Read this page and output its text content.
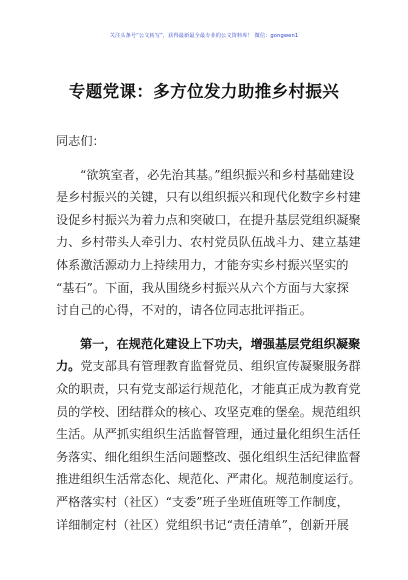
关注头条号“公文转写”，获得最新最全最专业的公文资料库！ 微信：gongwen1
专题党课：多方位发力助推乡村振兴
同志们：
“欲筑室者，必先治其基。”组织振兴和乡村基础建设
是乡村振兴的关键，只有以组织振兴和现代化数字乡村建
设促乡村振兴为着力点和突破口，在提升基层党组织凝聚
力、乡村带头人牵引力、农村党员队伍战斗力、建立基建
体系激活源动力上持续用力，才能夯实乡村振兴坚实的
“基石”。下面，我从围绕乡村振兴从六个方面与大家探
讨自己的心得，不对的，请各位同志批评指正。
第一，在规范化建设上下功夫，增强基层党组织凝聚
力。党支部具有管理教育监督党员、组织宣传凝聚服务群
众的职责，只有党支部运行规范化，才能真正成为教育党
员的学校、团结群众的核心、攻坚克难的堡垒。规范组织
生活。从严抓实组织生活监督管理，通过量化组织生活任
务落实、细化组织生活问题整改、强化组织生活纪律监督
推进组织生活常态化、规范化、严肃化。规范制度运行。
严格落实村（社区）“支委”班子坐班值班等工作制度，
详细制定村（社区）党组织书记“责任清单”，创新开展
